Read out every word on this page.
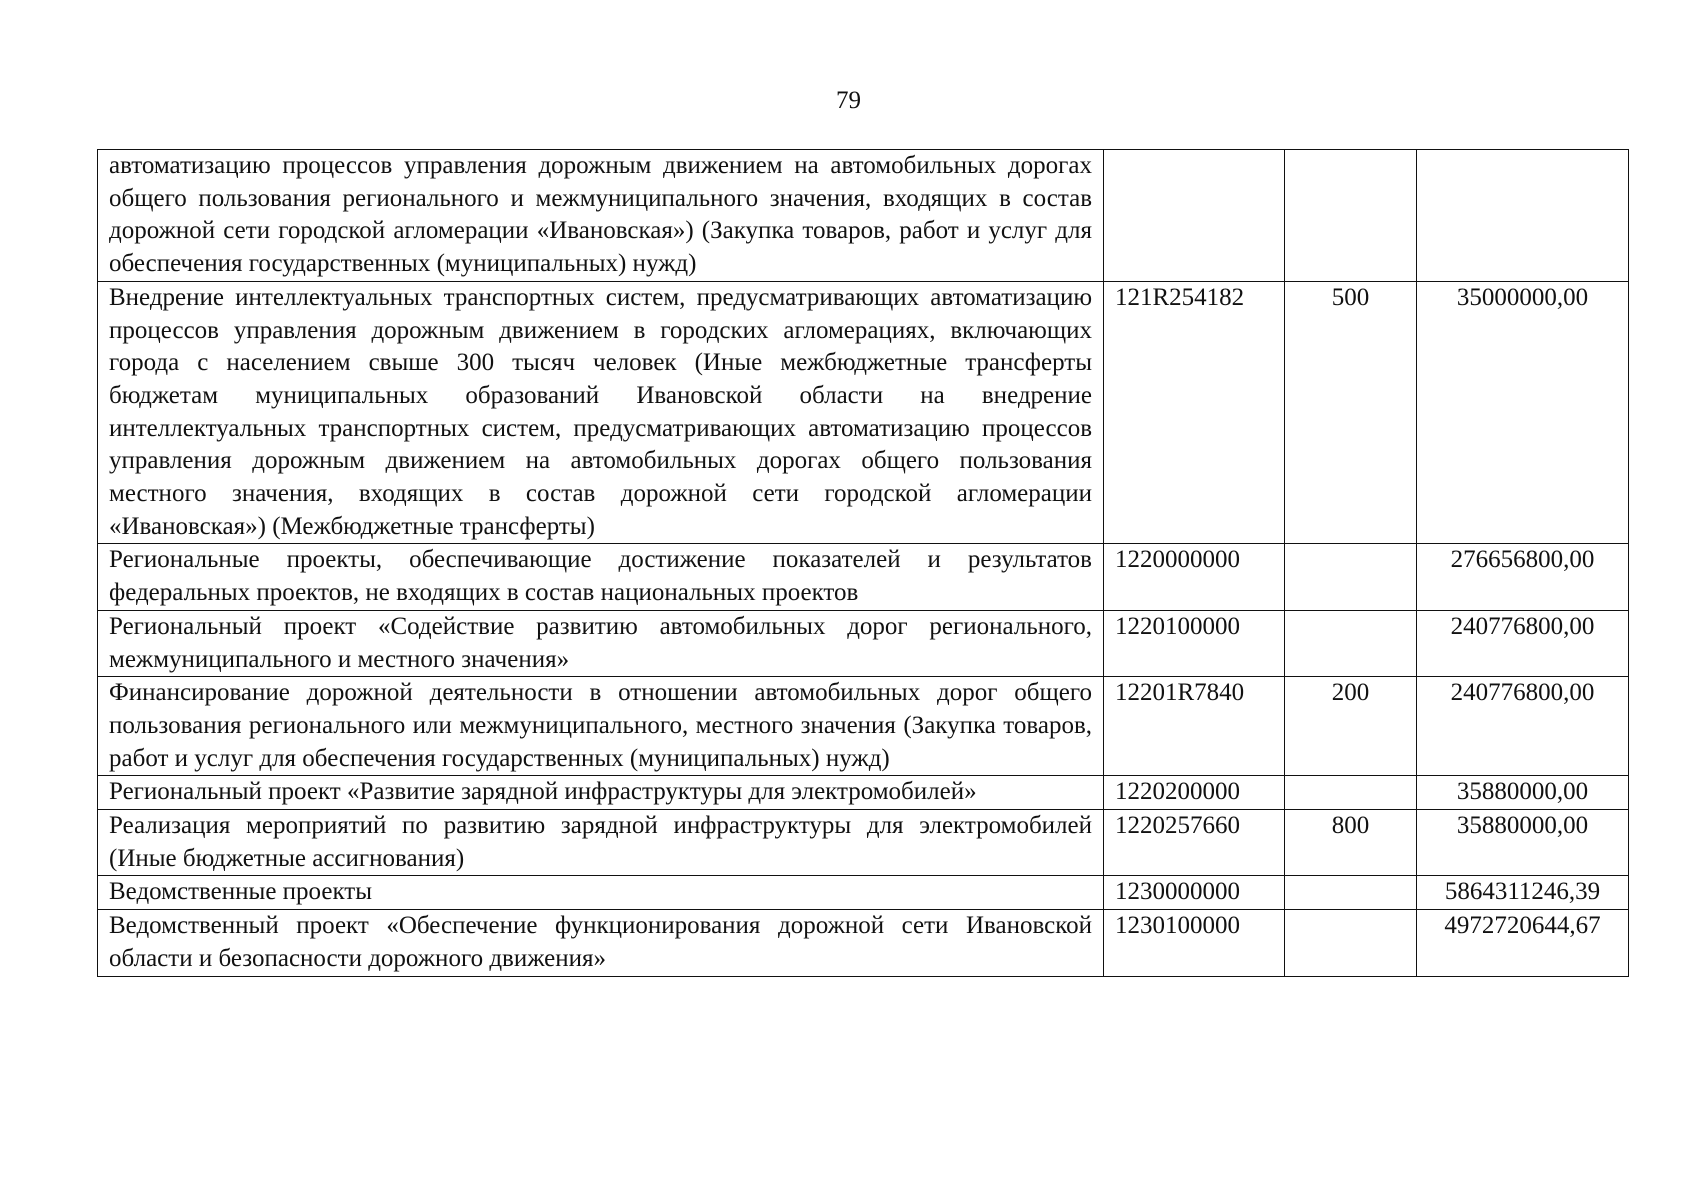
79
автоматизацию процессов управления дорожным движением на автомобильных дорогах общего пользования регионального и межмуниципального значения, входящих в состав дорожной сети городской агломерации «Ивановская») (Закупка товаров, работ и услуг для обеспечения государственных (муниципальных) нужд)			
Внедрение интеллектуальных транспортных систем, предусматривающих автоматизацию процессов управления дорожным движением в городских агломерациях, включающих города с населением свыше 300 тысяч человек (Иные межбюджетные трансферты бюджетам муниципальных образований Ивановской области на внедрение интеллектуальных транспортных систем, предусматривающих автоматизацию процессов управления дорожным движением на автомобильных дорогах общего пользования местного значения, входящих в состав дорожной сети городской агломерации «Ивановская») (Межбюджетные трансферты)	121R254182	500	35000000,00
Региональные проекты, обеспечивающие достижение показателей и результатов федеральных проектов, не входящих в состав национальных проектов	1220000000		276656800,00
Региональный проект «Содействие развитию автомобильных дорог регионального, межмуниципального и местного значения»	1220100000		240776800,00
Финансирование дорожной деятельности в отношении автомобильных дорог общего пользования регионального или межмуниципального, местного значения (Закупка товаров, работ и услуг для обеспечения государственных (муниципальных) нужд)	12201R7840	200	240776800,00
Региональный проект «Развитие зарядной инфраструктуры для электромобилей»	1220200000		35880000,00
Реализация мероприятий по развитию зарядной инфраструктуры для электромобилей (Иные бюджетные ассигнования)	1220257660	800	35880000,00
Ведомственные проекты	1230000000		5864311246,39
Ведомственный проект «Обеспечение функционирования дорожной сети Ивановской области и безопасности дорожного движения»	1230100000		4972720644,67
